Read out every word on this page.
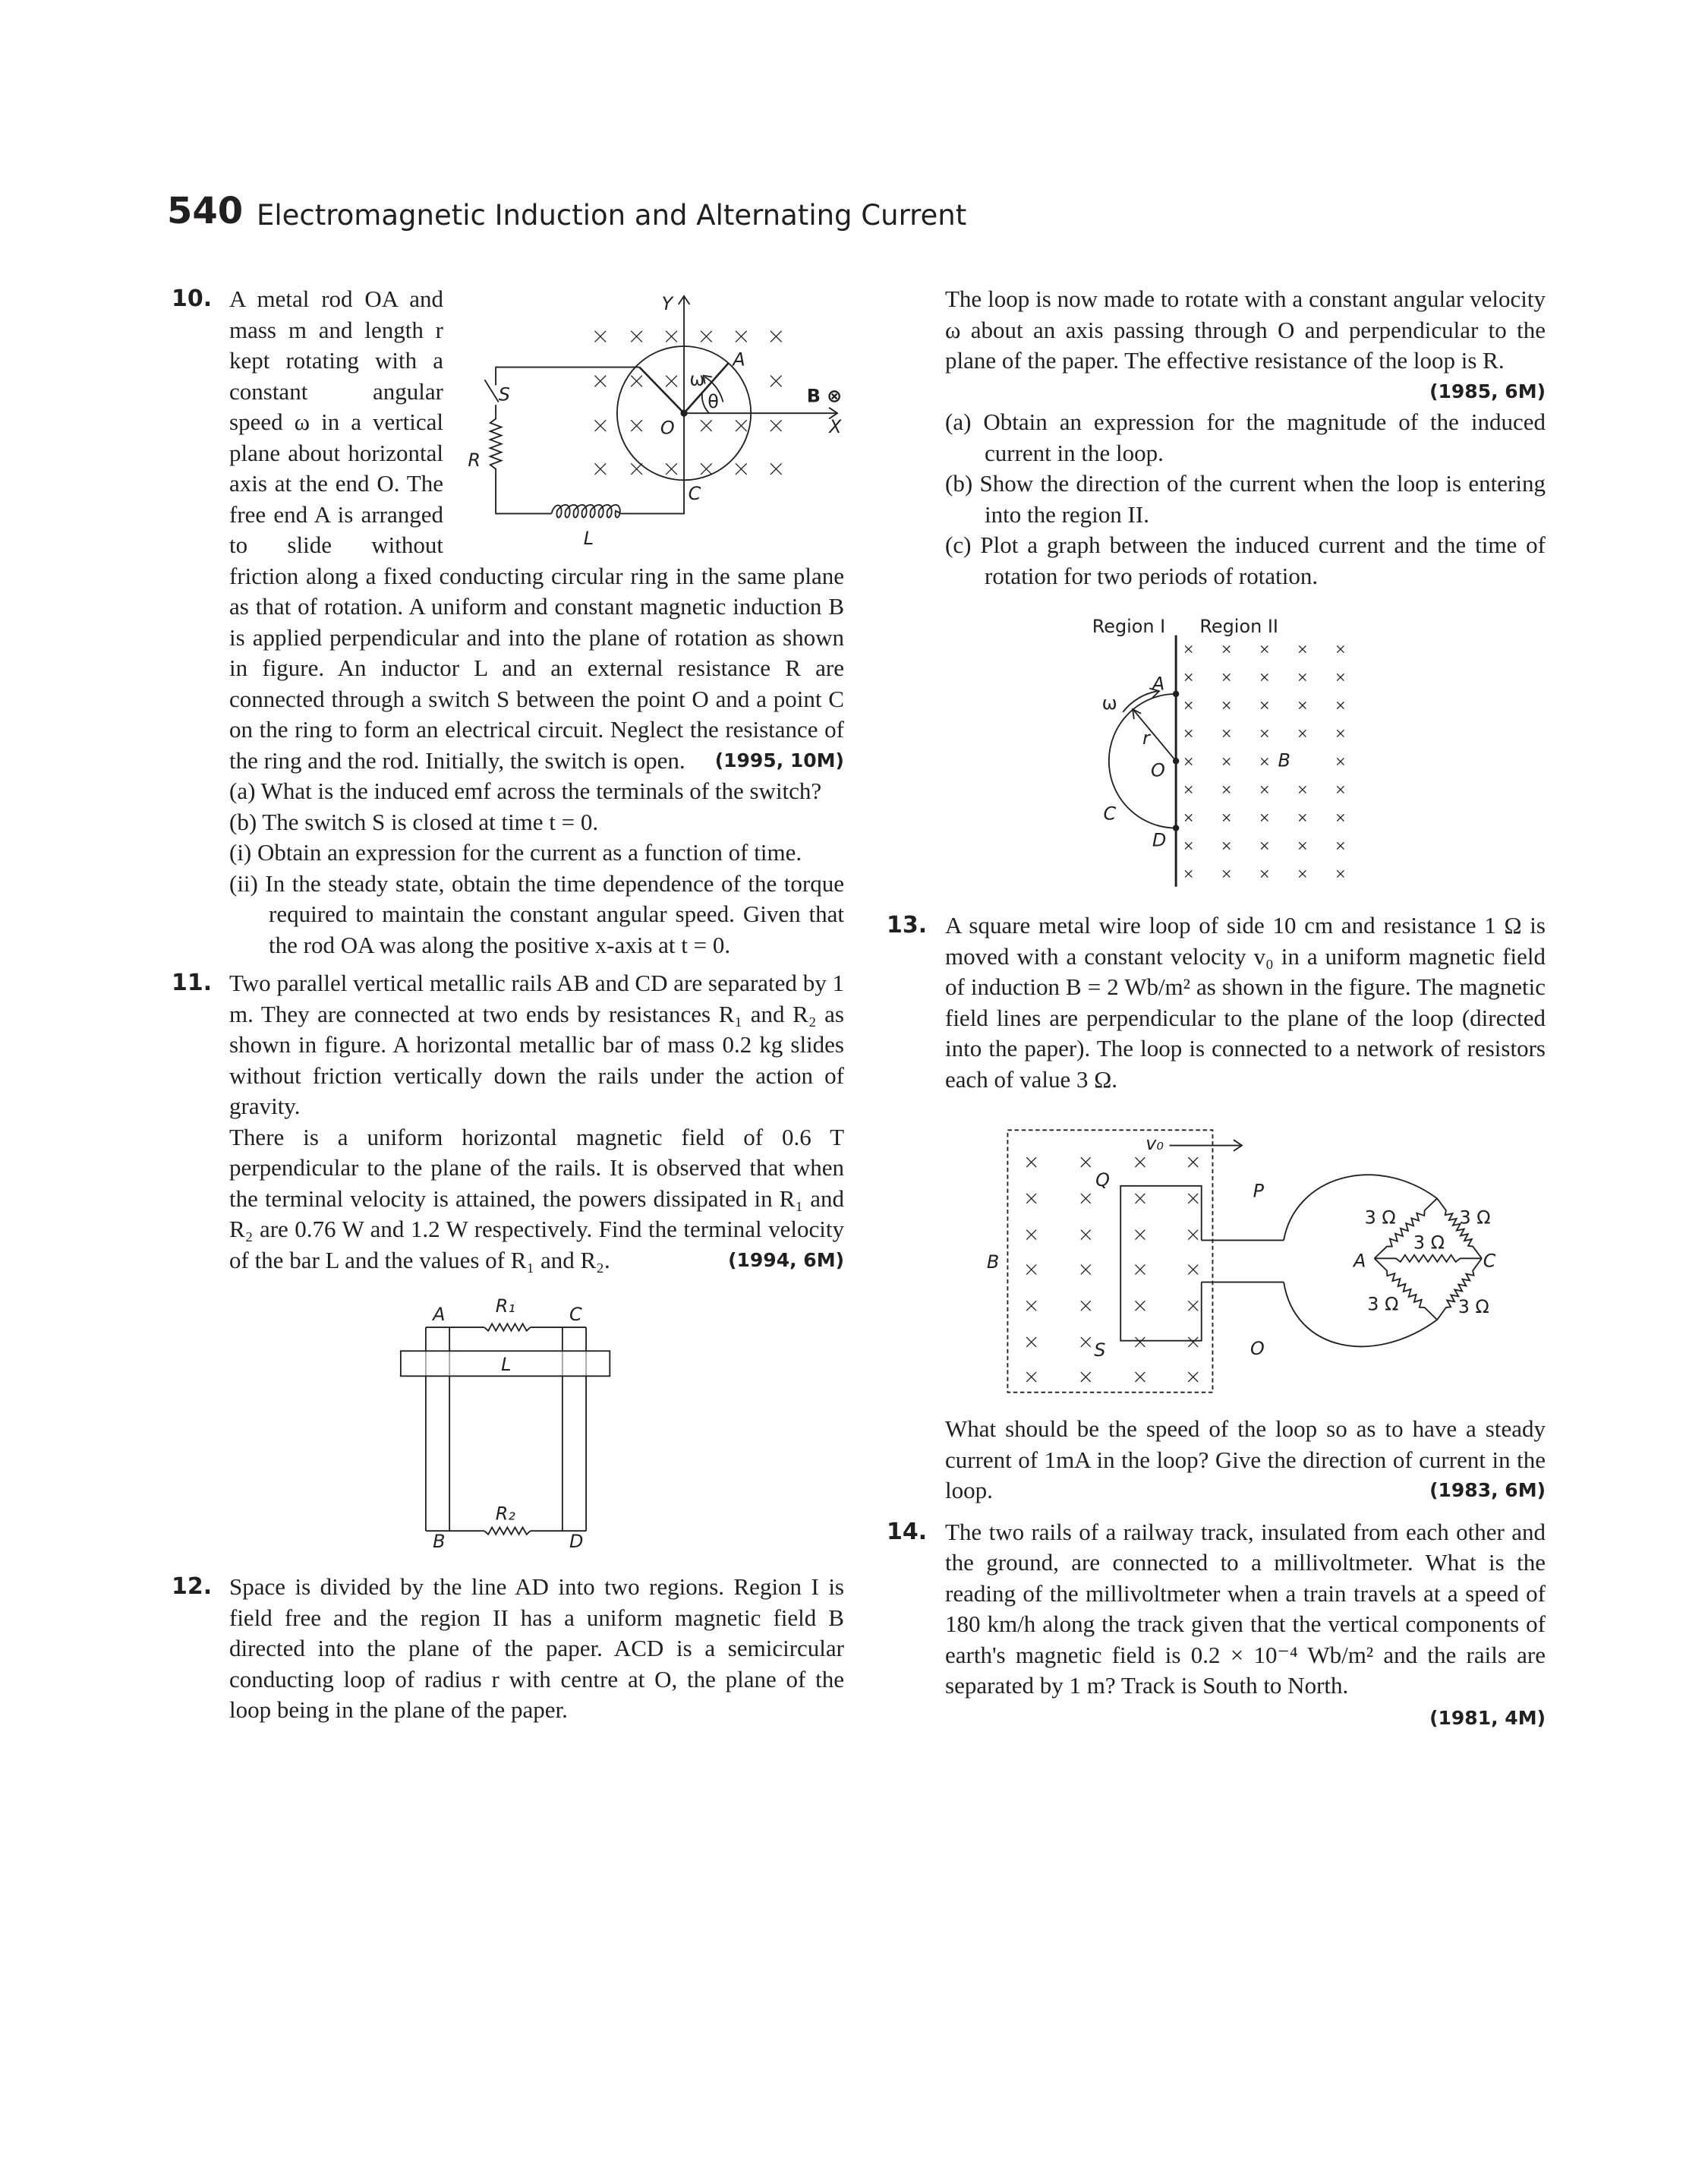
540 Electromagnetic Induction and Alternating Current
10.	Y
X
B ⊗
A
ω
θ
O
C
S
R
L

A metal rod OA and mass m and length r kept rotating with a constant angular speed ω in a vertical plane about horizontal axis at the end O. The free end A is arranged to slide without friction along a fixed conducting circular ring in the same plane as that of rotation. A uniform and constant magnetic induction B is applied perpendicular and into the plane of rotation as shown in figure. An inductor L and an external resistance R are connected through a switch S between the point O and a point C on the ring to form an electrical circuit. Neglect the resistance of the ring and the rod. Initially, the switch is open. (1995, 10M)

(a) What is the induced emf across the terminals of the switch?

(b) The switch S is closed at time t = 0.

(i) Obtain an expression for the current as a function of time.

(ii) In the steady state, obtain the time dependence of the torque required to maintain the constant angular speed. Given that the rod OA was along the positive x-axis at t = 0.

11. Two parallel vertical metallic rails AB and CD are separated by 1 m. They are connected at two ends by resistances R₁ and R₂ as shown in figure. A horizontal metallic bar of mass 0.2 kg slides without friction vertically down the rails under the action of gravity.

There is a uniform horizontal magnetic field of 0.6 T perpendicular to the plane of the rails. It is observed that when the terminal velocity is attained, the powers dissipated in R₁ and R₂ are 0.76 W and 1.2 W respectively. Find the terminal velocity of the bar L and the values of R₁ and R₂.	(1994, 6M)

A	R₁	C
L
R₂
B	D
12. Space is divided by the line AD into two regions. Region I is field free and the region II has a uniform magnetic field B directed into the plane of the paper. ACD is a semicircular conducting loop of radius r with centre at O, the plane of the loop being in the plane of the paper.

The loop is now made to rotate with a constant angular velocity ω about an axis passing through O and perpendicular to the plane of the paper. The effective resistance of the loop is R.
(1985, 6M)

(a) Obtain an expression for the magnitude of the induced current in the loop.

(b) Show the direction of the current when the loop is entering into the region II.

(c) Plot a graph between the induced current and the time of rotation for two periods of rotation.

Region I	Region II
A
ω
r
O
C
D
B
13. A square metal wire loop of side 10 cm and resistance 1 Ω is moved with a constant velocity v₀ in a uniform magnetic field of induction B = 2 Wb/m² as shown in the figure. The magnetic field lines are perpendicular to the plane of the loop (directed into the paper). The loop is connected to a network of resistors each of value 3 Ω.

v₀
Q
P
S	O
B	A	C
3 Ω	3 Ω
3 Ω
3 Ω	3 Ω

What should be the speed of the loop so as to have a steady current of 1mA in the loop? Give the direction of current in the loop.	(1983, 6M)

14. The two rails of a railway track, insulated from each other and the ground, are connected to a millivoltmeter. What is the reading of the millivoltmeter when a train travels at a speed of 180 km/h along the track given that the vertical components of earth's magnetic field is 0.2 × 10⁻⁴ Wb/m² and the rails are separated by 1 m? Track is South to North.

(1981, 4M)
